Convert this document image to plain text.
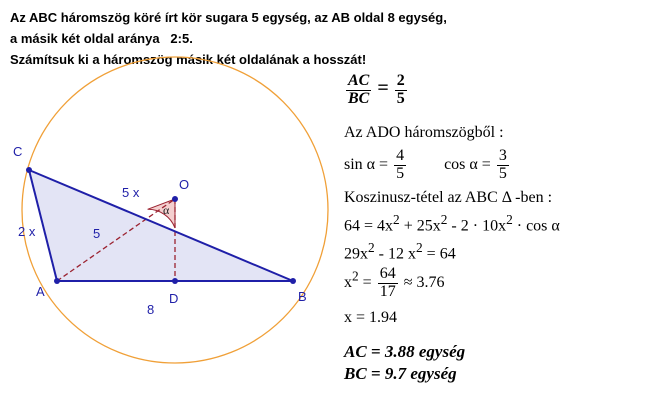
Az ABC háromszög köré írt kör sugara 5 egység, az AB oldal 8 egység,
a másik két oldal aránya   2:5.
Számítsuk ki a háromszög másik két oldalának a hosszát!
C
A	B
O
D
2 x
5 x
5
8
α
$\frac{AC}{BC} = \frac{2}{5}$
Az ADO háromszögből :
$\sin \alpha = \frac{4}{5}$ $\cos \alpha = \frac{3}{5}$
Koszinusz-tétel az ABC Δ -ben :
$64 = 4x^2 + 25x^2 - 2 \cdot 10x^2 \cdot \cos \alpha$
$29x^2 - 12$ $x^2 = 64$
$x^2 = \frac{64}{17} \approx 3.76$
x = 1.94
AC = 3.88 egység
BC = 9.7 egység
